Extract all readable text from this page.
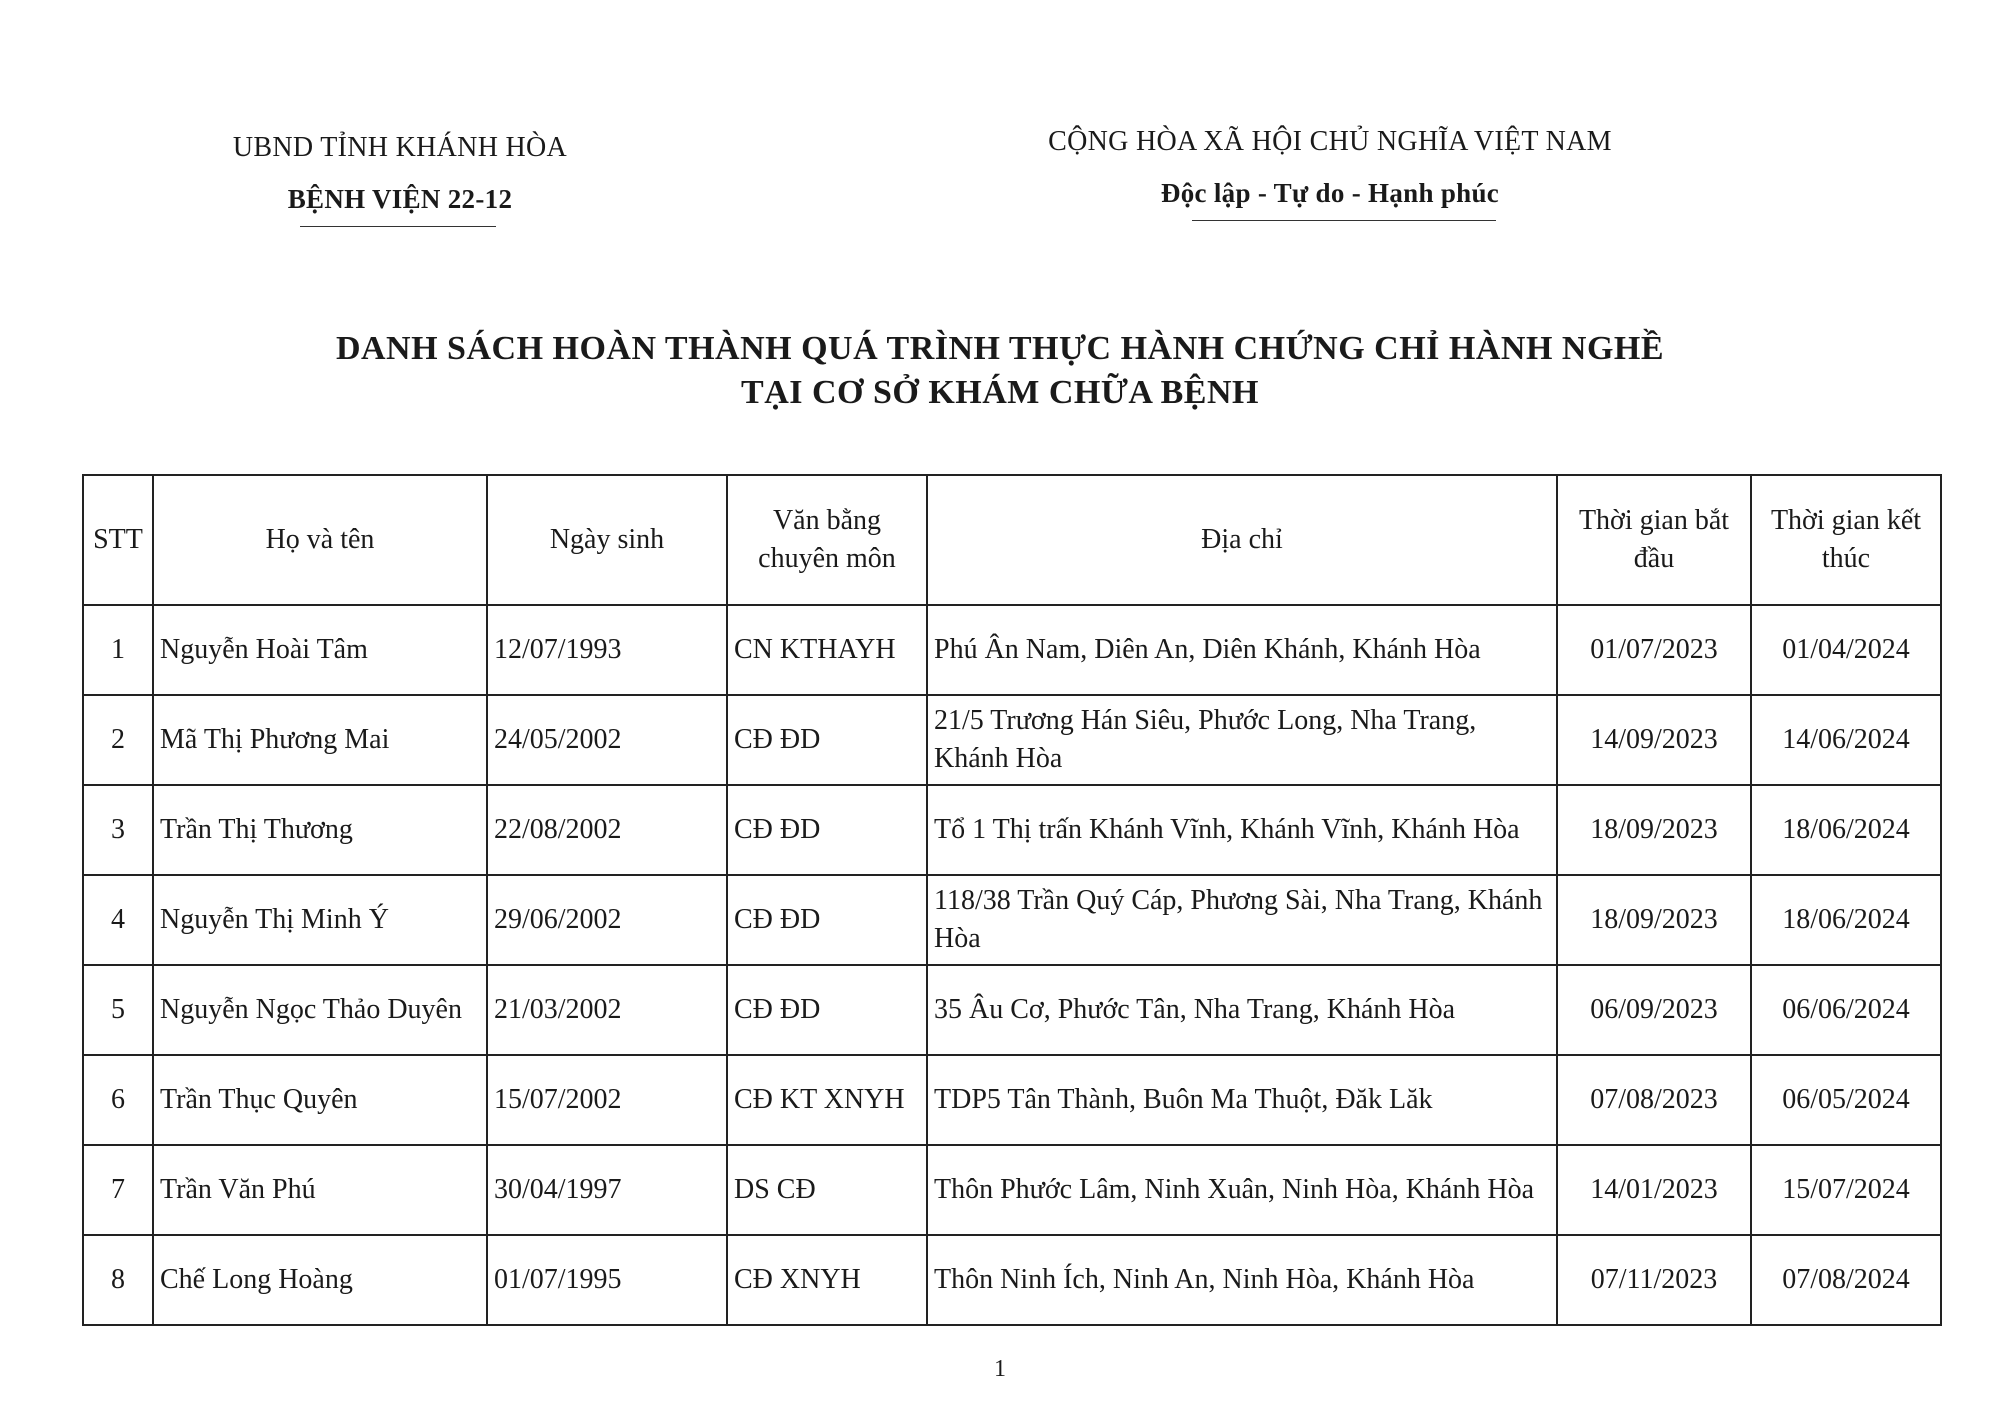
UBND TỈNH KHÁNH HÒA
BỆNH VIỆN 22-12
CỘNG HÒA XÃ HỘI CHỦ NGHĨA VIỆT NAM
Độc lập - Tự do - Hạnh phúc
DANH SÁCH HOÀN THÀNH QUÁ TRÌNH THỰC HÀNH CHỨNG CHỈ HÀNH NGHỀ
TẠI CƠ SỞ KHÁM CHỮA BỆNH
STT	Họ và tên	Ngày sinh	Văn bằng chuyên môn	Địa chỉ	Thời gian bắt đầu	Thời gian kết thúc
1	Nguyễn Hoài Tâm	12/07/1993	CN KTHAYH	Phú Ân Nam, Diên An, Diên Khánh, Khánh Hòa	01/07/2023	01/04/2024
2	Mã Thị Phương Mai	24/05/2002	CĐ ĐD	21/5 Trương Hán Siêu, Phước Long, Nha Trang, Khánh Hòa	14/09/2023	14/06/2024
3	Trần Thị Thương	22/08/2002	CĐ ĐD	Tổ 1 Thị trấn Khánh Vĩnh, Khánh Vĩnh, Khánh Hòa	18/09/2023	18/06/2024
4	Nguyễn Thị Minh Ý	29/06/2002	CĐ ĐD	118/38 Trần Quý Cáp, Phương Sài, Nha Trang, Khánh Hòa	18/09/2023	18/06/2024
5	Nguyễn Ngọc Thảo Duyên	21/03/2002	CĐ ĐD	35 Âu Cơ, Phước Tân, Nha Trang, Khánh Hòa	06/09/2023	06/06/2024
6	Trần Thục Quyên	15/07/2002	CĐ KT XNYH	TDP5 Tân Thành, Buôn Ma Thuột, Đăk Lăk	07/08/2023	06/05/2024
7	Trần Văn Phú	30/04/1997	DS CĐ	Thôn Phước Lâm, Ninh Xuân, Ninh Hòa, Khánh Hòa	14/01/2023	15/07/2024
8	Chế Long Hoàng	01/07/1995	CĐ XNYH	Thôn Ninh Ích, Ninh An, Ninh Hòa, Khánh Hòa	07/11/2023	07/08/2024
1
